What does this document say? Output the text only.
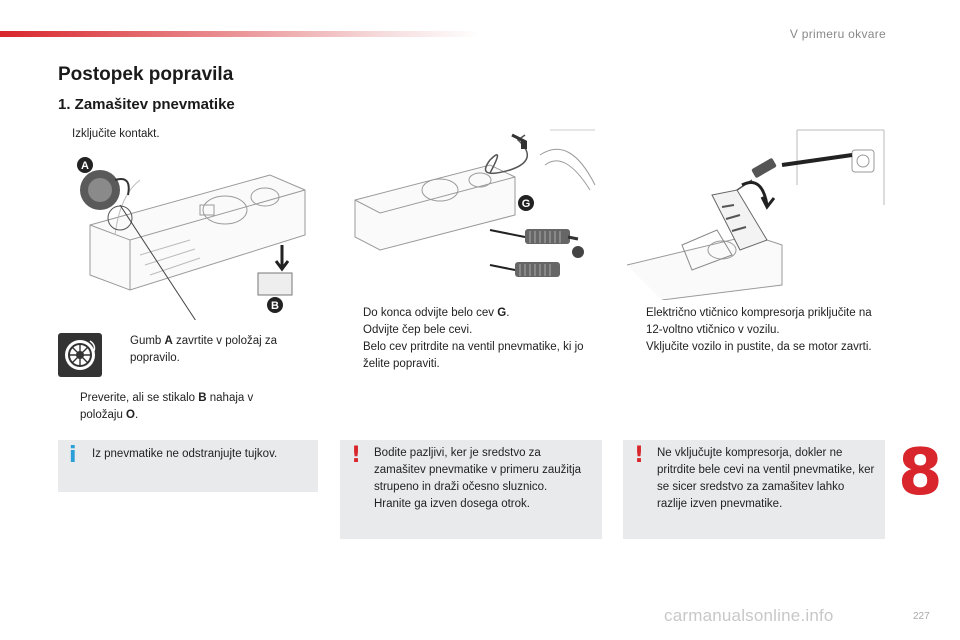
V primeru okvare
Postopek popravila
1. Zamašitev pnevmatike
Izključite kontakt.
A
B
Gumb A zavrtite v položaj za popravilo.
Preverite, ali se stikalo B nahaja v položaju O.
i Iz pnevmatike ne odstranjujte tujkov.
G
Do konca odvijte belo cev G.
Odvijte čep bele cevi.
Belo cev pritrdite na ventil pnevmatike, ki jo želite popraviti.
! Bodite pazljivi, ker je sredstvo za zamašitev pnevmatike v primeru zaužitja strupeno in draži očesno sluznico.
Hranite ga izven dosega otrok.
Električno vtičnico kompresorja priključite na 12-voltno vtičnico v vozilu.
Vključite vozilo in pustite, da se motor zavrti.
! Ne vključujte kompresorja, dokler ne pritrdite bele cevi na ventil pnevmatike, ker se sicer sredstvo za zamašitev lahko razlije izven pnevmatike.	8
carmanualsonline.info	227
